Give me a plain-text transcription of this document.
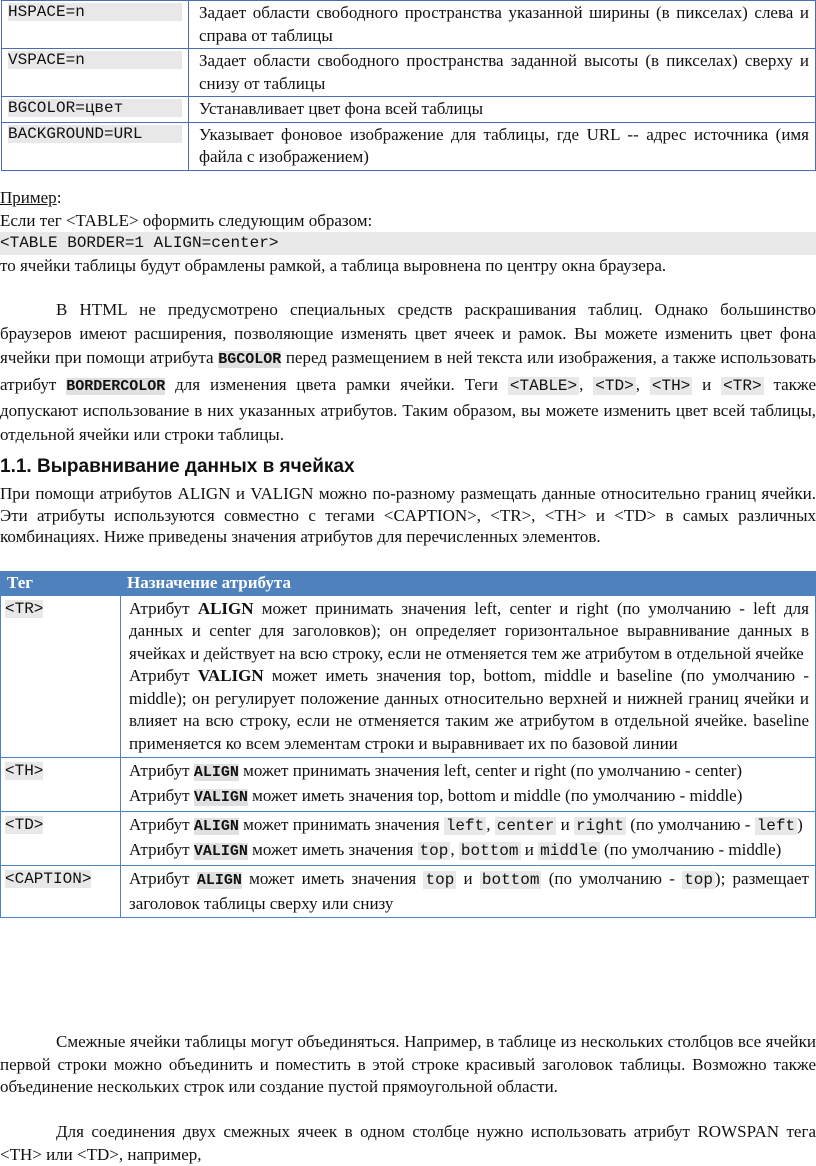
HSPACE=n	Задает области свободного пространства указанной ширины (в пикселах) слева и справа от таблицы

VSPACE=n	Задает области свободного пространства заданной высоты (в пикселах) сверху и снизу от таблицы

BGCOLOR=цвет	Устанавливает цвет фона всей таблицы

BACKGROUND=URL	Указывает фоновое изображение для таблицы, где URL -- адрес источника (имя файла с изображением)
Пример:
Если тег <TABLE> оформить следующим образом:
<TABLE BORDER=1 ALIGN=center>
то ячейки таблицы будут обрамлены рамкой, а таблица выровнена по центру окна браузера.
В HTML не предусмотрено специальных средств раскрашивания таблиц. Однако большинство браузеров имеют расширения, позволяющие изменять цвет ячеек и рамок. Вы можете изменить цвет фона ячейки при помощи атрибута BGCOLOR перед размещением в ней текста или изображения, а также использовать атрибут BORDERCOLOR для изменения цвета рамки ячейки. Теги <TABLE> , <TD> , <TH> и <TR> также допускают использование в них указанных атрибутов. Таким образом, вы можете изменить цвет всей таблицы, отдельной ячейки или строки таблицы.
1.1. Выравнивание данных в ячейках
При помощи атрибутов ALIGN и VALIGN можно по-разному размещать данные относительно границ ячейки. Эти атрибуты используются совместно с тегами <CAPTION>, <TR>, <TH> и <TD> в самых различных комбинациях. Ниже приведены значения атрибутов для перечисленных элементов.
Тег	Назначение атрибута
<TR>	Атрибут ALIGN может принимать значения left, center и right (по умолчанию - left для данных и center для заголовков); он определяет горизонтальное выравнивание данных в ячейках и действует на всю строку, если не отменяется тем же атрибутом в отдельной ячейке
Атрибут VALIGN может иметь значения top, bottom, middle и baseline (по умолчанию - middle); он регулирует положение данных относительно верхней и нижней границ ячейки и влияет на всю строку, если не отменяется таким же атрибутом в отдельной ячейке. baseline применяется ко всем элементам строки и выравнивает их по базовой линии

<TH>	Атрибут ALIGN может принимать значения left, center и right (по умолчанию - center)
Атрибут VALIGN может иметь значения top, bottom и middle (по умолчанию - middle)

<TD>	Атрибут ALIGN может принимать значения left , center и right (по умолчанию - left )
Атрибут VALIGN может иметь значения top , bottom и middle (по умолчанию - middle)

<CAPTION>	Атрибут ALIGN может иметь значения top и bottom (по умолчанию - top ); размещает заголовок таблицы сверху или снизу
Смежные ячейки таблицы могут объединяться. Например, в таблице из нескольких столбцов все ячейки первой строки можно объединить и поместить в этой строке красивый заголовок таблицы. Возможно также объединение нескольких строк или создание пустой прямоугольной области.
Для соединения двух смежных ячеек в одном столбце нужно использовать атрибут ROWSPAN тега <TH> или <TD>, например,
